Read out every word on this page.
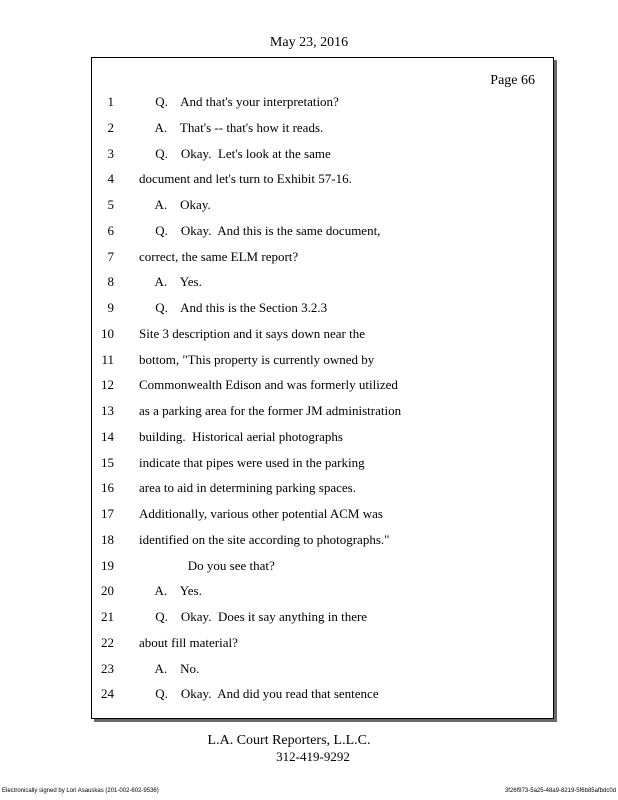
May 23, 2016
Page 66
1 Q.    And that's your interpretation?
2 A.    That's -- that's how it reads.
3 Q.    Okay.  Let's look at the same
4 document and let's turn to Exhibit 57-16.
5 A.    Okay.
6 Q.    Okay.  And this is the same document,
7 correct, the same ELM report?
8 A.    Yes.
9 Q.    And this is the Section 3.2.3
10 Site 3 description and it says down near the
11 bottom, "This property is currently owned by
12 Commonwealth Edison and was formerly utilized
13 as a parking area for the former JM administration
14 building.  Historical aerial photographs
15 indicate that pipes were used in the parking
16 area to aid in determining parking spaces.
17 Additionally, various other potential ACM was
18 identified on the site according to photographs."
19 Do you see that?
20 A.    Yes.
21 Q.    Okay.  Does it say anything in there
22 about fill material?
23 A.    No.
24 Q.    Okay.  And did you read that sentence
L.A. Court Reporters, L.L.C.
312-419-9292
Electronically signed by Lori Asauskas (201-002-602-9536)	3f26f973-5a25-48a9-8219-5f6b85afbdc0d
